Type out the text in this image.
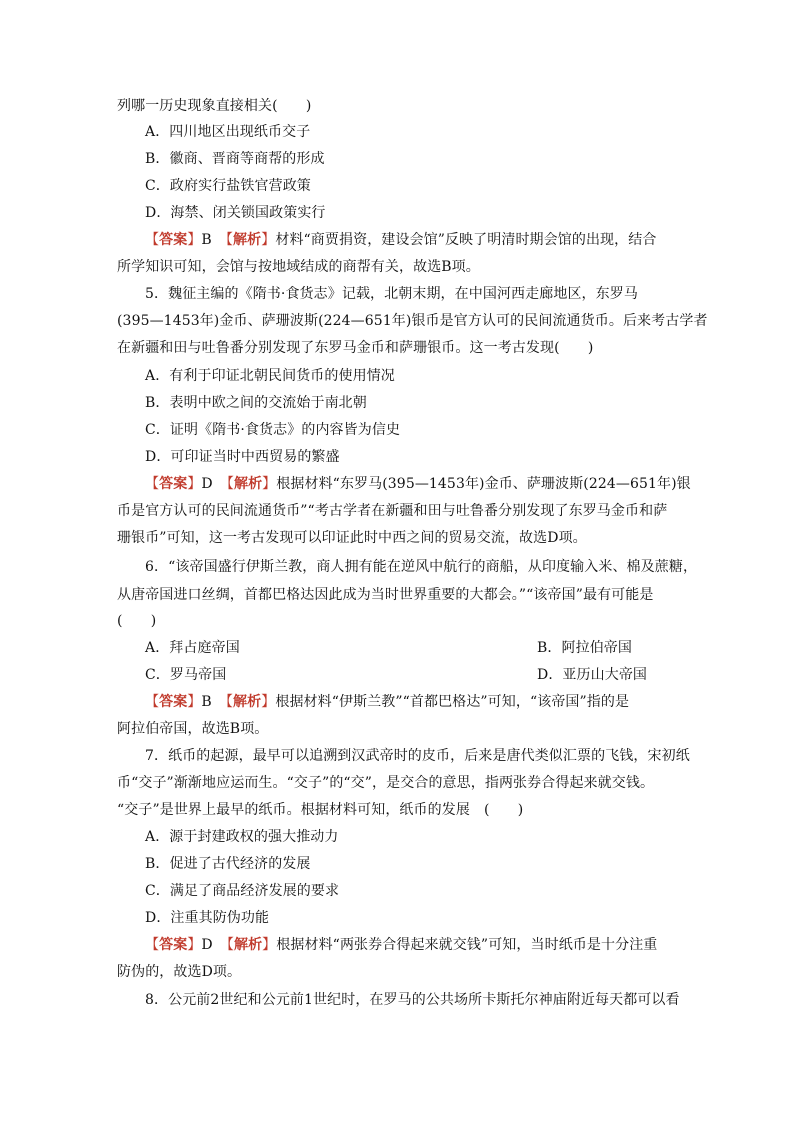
列哪一历史现象直接相关(　　)
A．四川地区出现纸币交子
B．徽商、晋商等商帮的形成
C．政府实行盐铁官营政策
D．海禁、闭关锁国政策实行
【答案】B　 【解析】材料“商贾捐资，建设会馆”反映了明清时期会馆的出现，结合
所学知识可知，会馆与按地域结成的商帮有关，故选B项。
5．魏征主编的《隋书·食货志》记载，北朝末期，在中国河西走廊地区，东罗马
(395—1453年)金币、萨珊波斯(224—651年)银币是官方认可的民间流通货币。后来考古学者
在新疆和田与吐鲁番分别发现了东罗马金币和萨珊银币。这一考古发现(　　)
A．有利于印证北朝民间货币的使用情况
B．表明中欧之间的交流始于南北朝
C．证明《隋书·食货志》的内容皆为信史
D．可印证当时中西贸易的繁盛
【答案】D　 【解析】根据材料“东罗马(395—1453年)金币、萨珊波斯(224—651年)银
币是官方认可的民间流通货币”“考古学者在新疆和田与吐鲁番分别发现了东罗马金币和萨
珊银币”可知，这一考古发现可以印证此时中西之间的贸易交流，故选D项。
6．“该帝国盛行伊斯兰教，商人拥有能在逆风中航行的商船，从印度输入米、棉及蔗糖，
从唐帝国进口丝绸，首都巴格达因此成为当时世界重要的大都会。”“该帝国”最有可能是
(　　)
A．拜占庭帝国	B．阿拉伯帝国
C．罗马帝国	D．亚历山大帝国
【答案】B　 【解析】根据材料“伊斯兰教”“首都巴格达”可知，“该帝国”指的是
阿拉伯帝国，故选B项。
7．纸币的起源，最早可以追溯到汉武帝时的皮币，后来是唐代类似汇票的飞钱，宋初纸
币“交子”渐渐地应运而生。“交子”的“交”，是交合的意思，指两张券合得起来就交钱。
“交子”是世界上最早的纸币。根据材料可知，纸币的发展　(　　)
A．源于封建政权的强大推动力
B．促进了古代经济的发展
C．满足了商品经济发展的要求
D．注重其防伪功能
【答案】D　 【解析】根据材料“两张券合得起来就交钱”可知，当时纸币是十分注重
防伪的，故选D项。
8．公元前2世纪和公元前1世纪时，在罗马的公共场所卡斯托尔神庙附近每天都可以看
